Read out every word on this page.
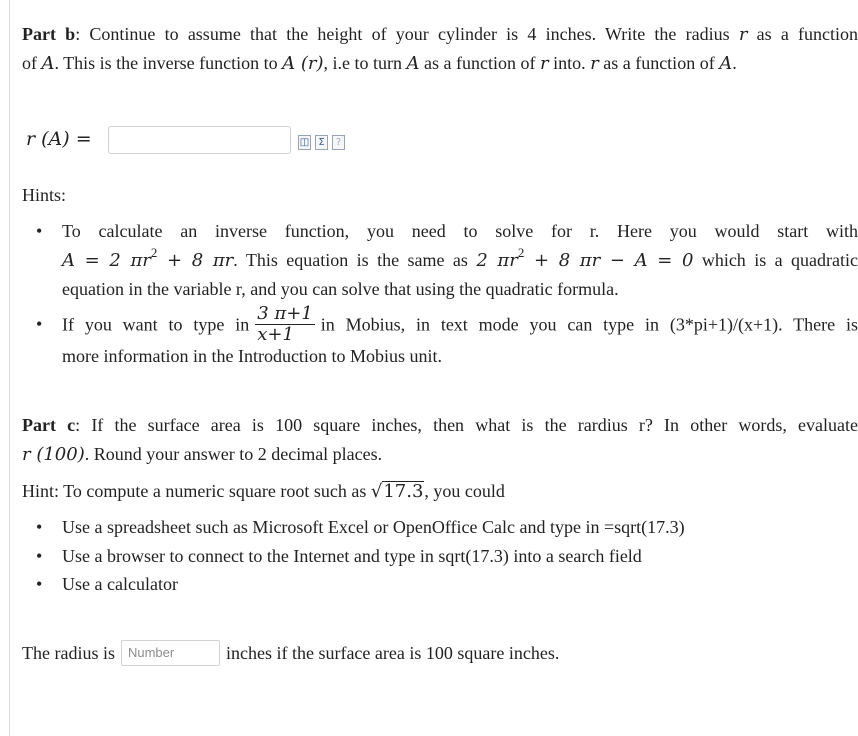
Part b: Continue to assume that the height of your cylinder is 4 inches. Write the radius r as a function
of A. This is the inverse function to A (r), i.e to turn A as a function of r into. r as a function of A.
r (A) =	◫ Σ	?
Hints:
• To calculate an inverse function, you need to solve for r. Here you would start with
A = 2 $\pi r^2 + 8$ πr. This equation is the same as 2 $\pi r^2 + 8$ πr − A = 0 which is a quadratic
equation in the variable r, and you can solve that using the quadratic formula.
• If you want to type in $\frac{3 \pi+1}{x+1}$ in Mobius, in text mode you can type in (3*pi+1)/(x+1). There is
more information in the Introduction to Mobius unit.
Part c: If the surface area is 100 square inches, then what is the rardius r? In other words, evaluate
r (100). Round your answer to 2 decimal places.
Hint: To compute a numeric square root such as √17.3, you could
• Use a spreadsheet such as Microsoft Excel or OpenOffice Calc and type in =sqrt(17.3)
• Use a browser to connect to the Internet and type in sqrt(17.3) into a search field
• Use a calculator
The radius is Number	inches if the surface area is 100 square inches.
